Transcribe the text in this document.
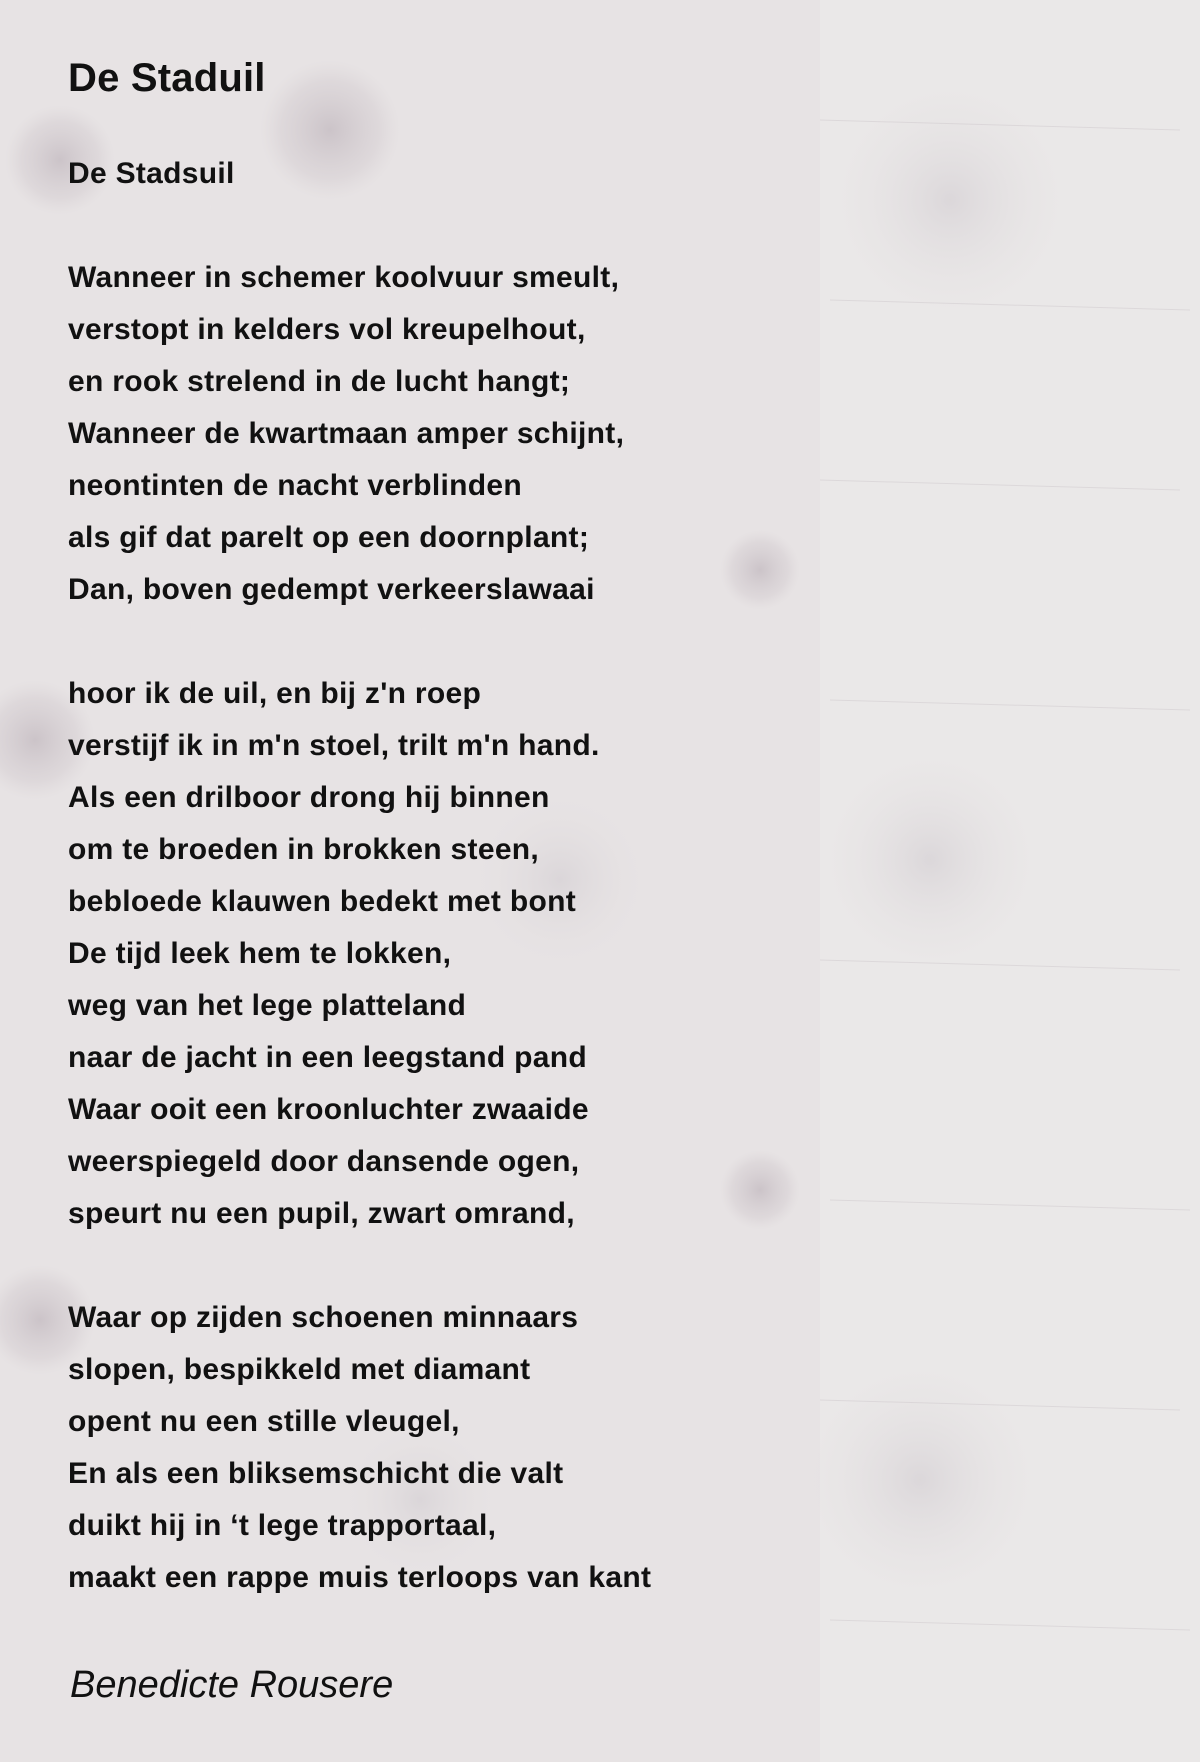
De Staduil
De Stadsuil
Wanneer in schemer koolvuur smeult,
verstopt in kelders vol kreupelhout,
en rook strelend in de lucht hangt;
Wanneer de kwartmaan amper schijnt,
neontinten de nacht verblinden
als gif dat parelt op een doornplant;
Dan, boven gedempt verkeerslawaai
hoor ik de uil, en bij z'n roep
verstijf ik in m'n stoel, trilt m'n hand.
Als een drilboor drong hij binnen
om te broeden in brokken steen,
bebloede klauwen bedekt met bont
De tijd leek hem te lokken,
weg van het lege platteland
naar de jacht in een leegstand pand
Waar ooit een kroonluchter zwaaide
weerspiegeld door dansende ogen,
speurt nu een pupil, zwart omrand,
Waar op zijden schoenen minnaars
slopen, bespikkeld met diamant
opent nu een stille vleugel,
En als een bliksemschicht die valt
duikt hij in ‘t lege trapportaal,
maakt een rappe muis terloops van kant
Benedicte Rousere
